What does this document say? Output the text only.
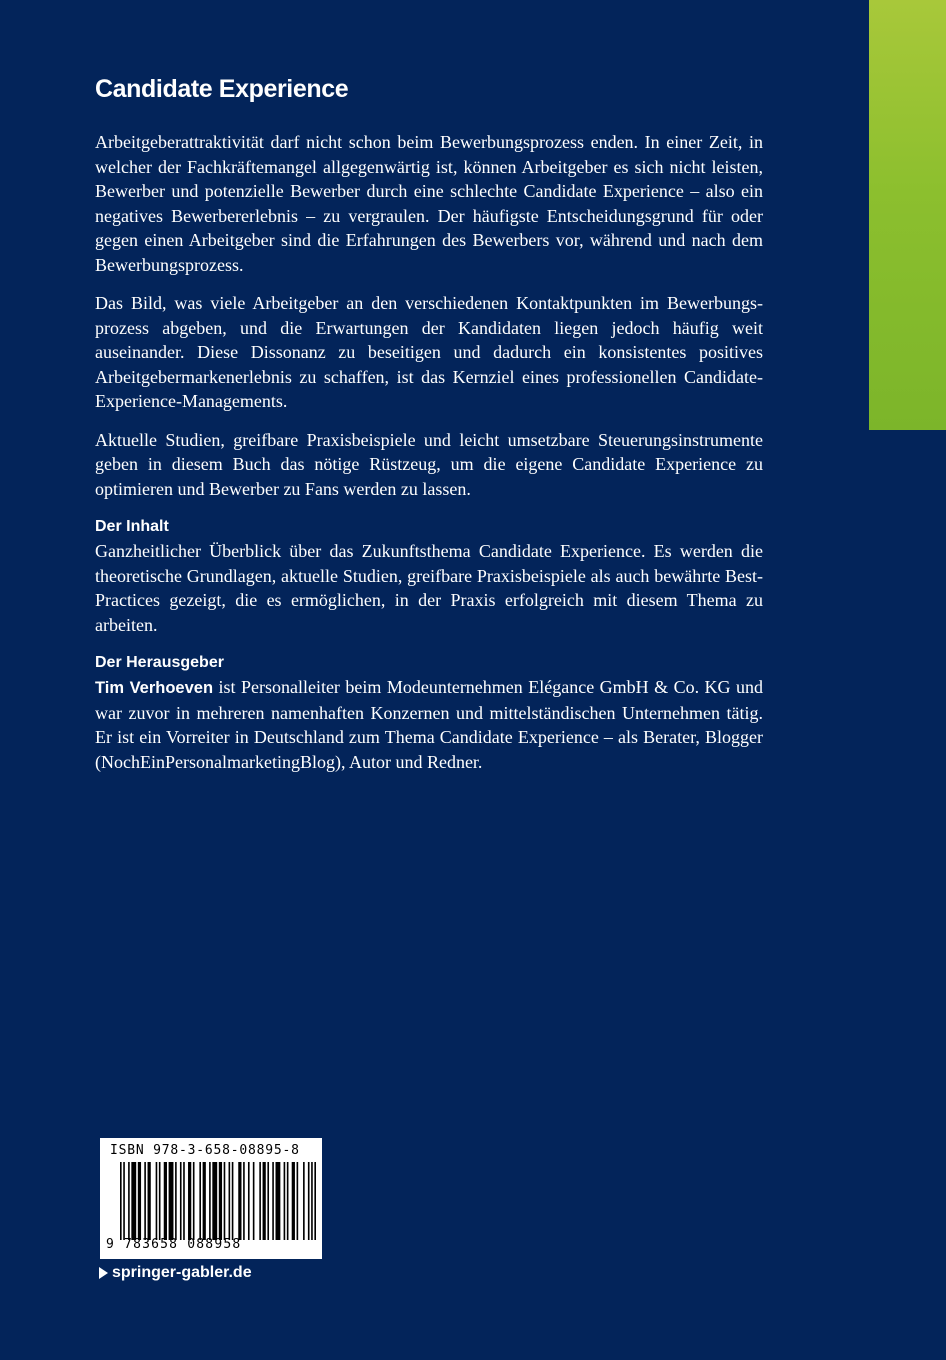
Candidate Experience

Arbeitgeberattraktivität darf nicht schon beim Bewerbungsprozess enden. In einer Zeit, in welcher der Fachkräftemangel allgegenwärtig ist, können Arbeitgeber es sich nicht leisten, Bewerber und potenzielle Bewerber durch eine schlechte Candidate Experience – also ein negatives Bewerbererlebnis – zu vergraulen. Der häufigste Entscheidungsgrund für oder gegen einen Arbeitgeber sind die Erfahrungen des Bewerbers vor, während und nach dem Bewerbungsprozess.

Das Bild, was viele Arbeitgeber an den verschiedenen Kontaktpunkten im Bewerbungsprozess abgeben, und die Erwartungen der Kandidaten liegen jedoch häufig weit auseinander. Diese Dissonanz zu beseitigen und dadurch ein konsistentes positives Arbeitgebermarkenerlebnis zu schaffen, ist das Kernziel eines professionellen Candidate-Experience-Managements.

Aktuelle Studien, greifbare Praxisbeispiele und leicht umsetzbare Steuerungsinstrumente geben in diesem Buch das nötige Rüstzeug, um die eigene Candidate Experience zu optimieren und Bewerber zu Fans werden zu lassen.

Der Inhalt

Ganzheitlicher Überblick über das Zukunftsthema Candidate Experience. Es werden die theoretische Grundlagen, aktuelle Studien, greifbare Praxisbeispiele als auch bewährte Best-Practices gezeigt, die es ermöglichen, in der Praxis erfolgreich mit diesem Thema zu arbeiten.

Der Herausgeber

Tim Verhoeven ist Personalleiter beim Modeunternehmen Elégance GmbH & Co. KG und war zuvor in mehreren namenhaften Konzernen und mittelständischen Unternehmen tätig. Er ist ein Vorreiter in Deutschland zum Thema Candidate Experience – als Berater, Blogger (NochEinPersonalmarketingBlog), Autor und Redner.

ISBN 978-3-658-08895-8
9 783658 088958
springer-gabler.de
